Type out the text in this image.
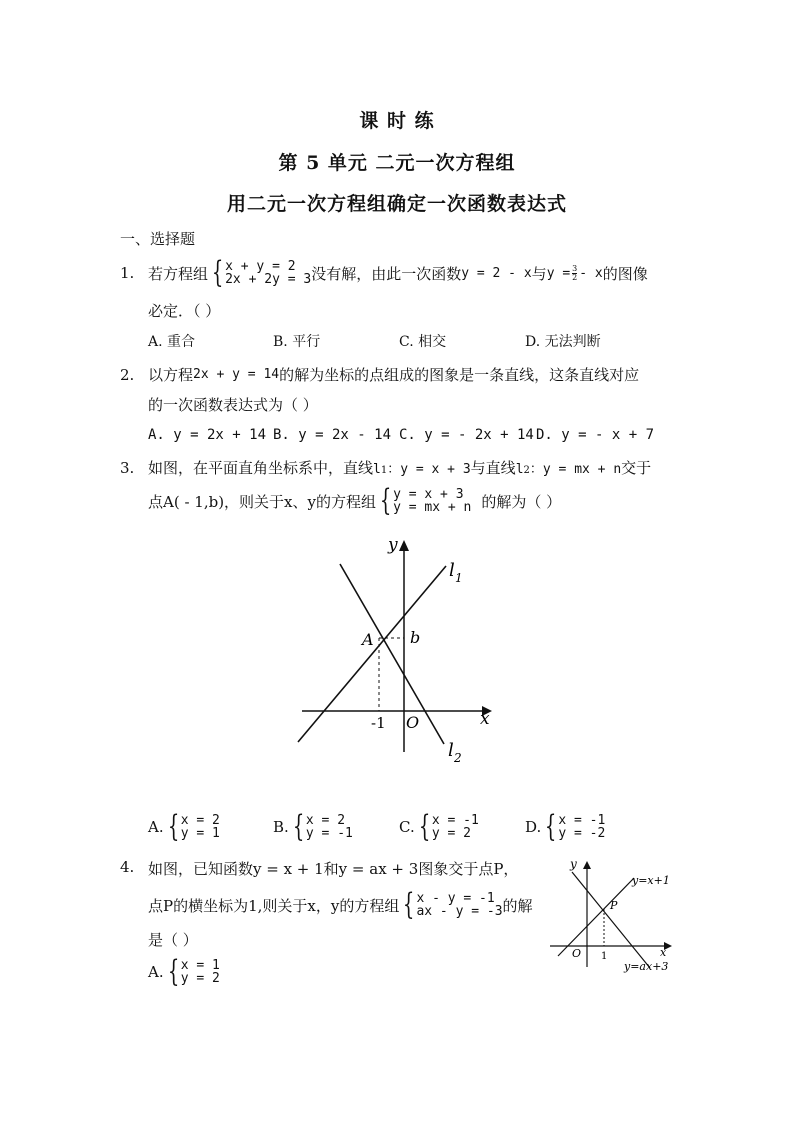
课 时 练
第 5 单元 二元一次方程组
用二元一次方程组确定一次函数表达式
一、选择题
1. 若方程组 { x + y = 2
2x + 2y = 3 没有解，由此一次函数 y = 2 - x 与 $y = \frac{3}{2} - x$ 的图像
必定．（ ）
A. 重合	B. 平行	C. 相交	D. 无法判断
2. 以方程 2x + y = 14 的解为坐标的点组成的图象是一条直线，这条直线对应
的一次函数表达式为（ ）
A. y = 2x + 14 B. y = 2x - 14 C. y = - 2x + 14 D. y = - x + 7
3. 如图，在平面直角坐标系中，直线 l 1 ：y = x + 3 与直线 l 2 ：y = mx + n 交于
点A( - 1,b)，则关于x、y的方程组 { y = x + 3
y = mx + n 的解为（ ）
y
x
l 1
l 2
A b
-1 O
A. { x = 2
y = 1	B. { x = 2
y = -1	C. { x = -1
y = 2	D. { x = -1
y = -2
4. 如图，已知函数y = x + 1和y = ax + 3图象交于点P，
点P的横坐标为1,则关于x，y的方程组 { x - y = -1
ax - y = -3 的解
是（ ）
A. { x = 1
y = 2
y
x
y=x+1
y=ax+3
P
O 1
